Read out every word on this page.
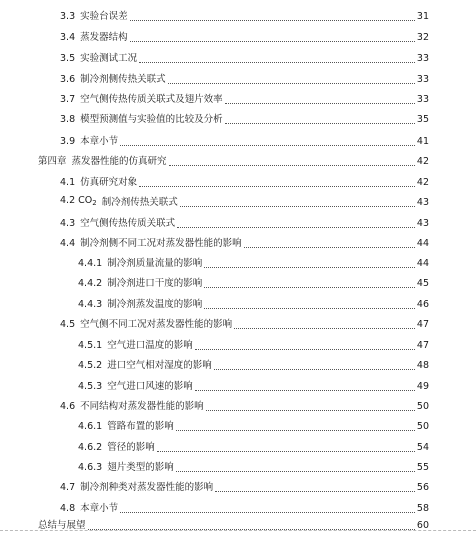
3.3 实验台误差	31
3.4 蒸发器结构	32
3.5 实验测试工况	33
3.6 制冷剂侧传热关联式	33
3.7 空气侧传热传质关联式及翅片效率	33
3.8 模型预测值与实验值的比较及分析	35
3.9 本章小节	41
第四章 蒸发器性能的仿真研究	42
4.1 仿真研究对象	42
4.2 $CO_2$ 制冷剂传热关联式	43
4.3 空气侧传热传质关联式	43
4.4 制冷剂侧不同工况对蒸发器性能的影响	44
4.4.1 制冷剂质量流量的影响	44
4.4.2 制冷剂进口干度的影响	45
4.4.3 制冷剂蒸发温度的影响	46
4.5 空气侧不同工况对蒸发器性能的影响	47
4.5.1 空气进口温度的影响	47
4.5.2 进口空气相对湿度的影响	48
4.5.3 空气进口风速的影响	49
4.6 不同结构对蒸发器性能的影响	50
4.6.1 管路布置的影响	50
4.6.2 管径的影响	54
4.6.3 翅片类型的影响	55
4.7 制冷剂种类对蒸发器性能的影响	56
4.8 本章小节	58
总结与展望	60
